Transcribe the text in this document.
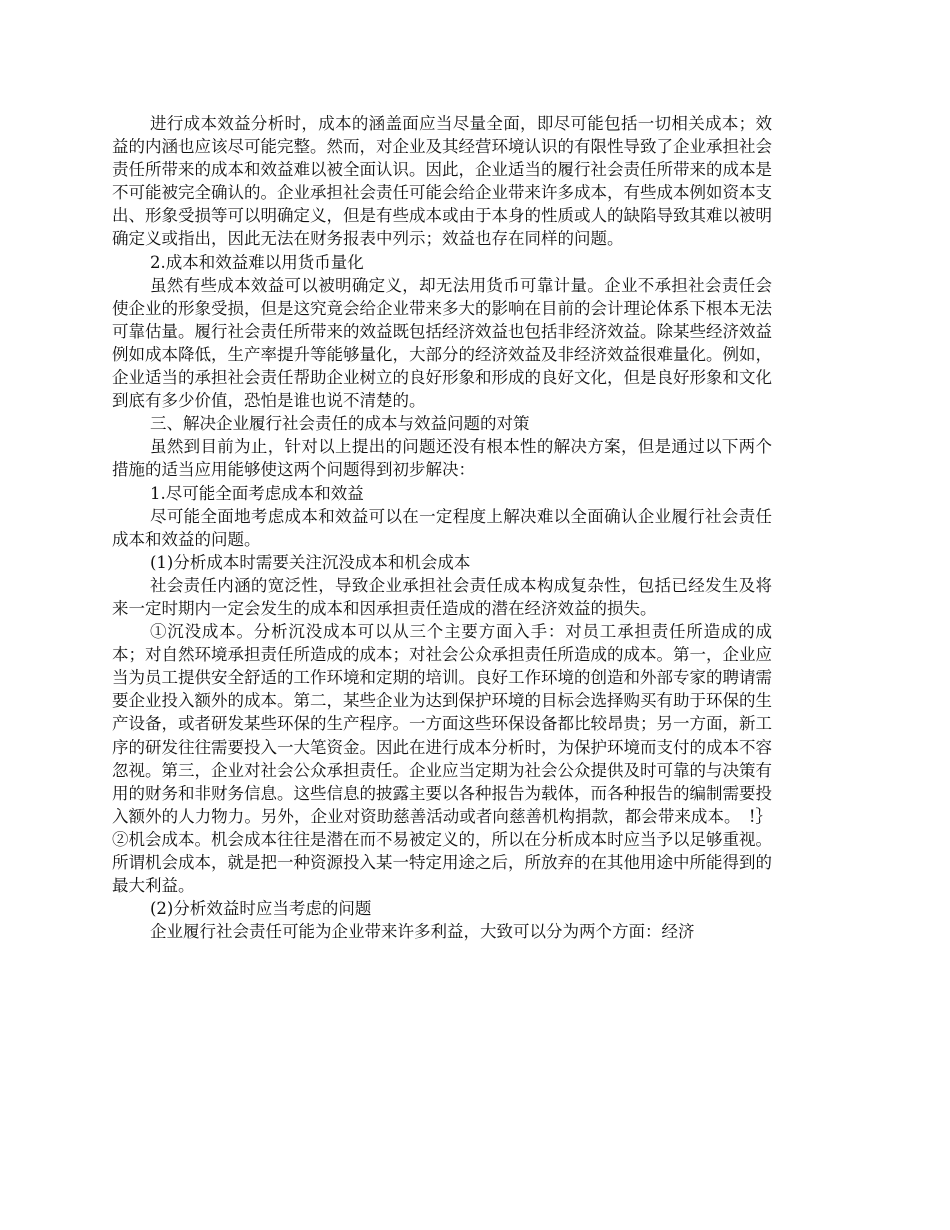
进行成本效益分析时，成本的涵盖面应当尽量全面，即尽可能包括一切相关成本；效益的内涵也应该尽可能完整。然而，对企业及其经营环境认识的有限性导致了企业承担社会责任所带来的成本和效益难以被全面认识。因此，企业适当的履行社会责任所带来的成本是不可能被完全确认的。企业承担社会责任可能会给企业带来许多成本，有些成本例如资本支出、形象受损等可以明确定义，但是有些成本或由于本身的性质或人的缺陷导致其难以被明确定义或指出，因此无法在财务报表中列示；效益也存在同样的问题。

2.成本和效益难以用货币量化

虽然有些成本效益可以被明确定义，却无法用货币可靠计量。企业不承担社会责任会使企业的形象受损，但是这究竟会给企业带来多大的影响在目前的会计理论体系下根本无法可靠估量。履行社会责任所带来的效益既包括经济效益也包括非经济效益。除某些经济效益例如成本降低，生产率提升等能够量化，大部分的经济效益及非经济效益很难量化。例如，企业适当的承担社会责任帮助企业树立的良好形象和形成的良好文化，但是良好形象和文化到底有多少价值，恐怕是谁也说不清楚的。

三、解决企业履行社会责任的成本与效益问题的对策

虽然到目前为止，针对以上提出的问题还没有根本性的解决方案，但是通过以下两个措施的适当应用能够使这两个问题得到初步解决：

1.尽可能全面考虑成本和效益

尽可能全面地考虑成本和效益可以在一定程度上解决难以全面确认企业履行社会责任成本和效益的问题。

(1)分析成本时需要关注沉没成本和机会成本

社会责任内涵的宽泛性，导致企业承担社会责任成本构成复杂性，包括已经发生及将来一定时期内一定会发生的成本和因承担责任造成的潜在经济效益的损失。

①沉没成本。分析沉没成本可以从三个主要方面入手：对员工承担责任所造成的成本；对自然环境承担责任所造成的成本；对社会公众承担责任所造成的成本。第一，企业应当为员工提供安全舒适的工作环境和定期的培训。良好工作环境的创造和外部专家的聘请需要企业投入额外的成本。第二，某些企业为达到保护环境的目标会选择购买有助于环保的生产设备，或者研发某些环保的生产程序。一方面这些环保设备都比较昂贵；另一方面，新工序的研发往往需要投入一大笔资金。因此在进行成本分析时，为保护环境而支付的成本不容忽视。第三，企业对社会公众承担责任。企业应当定期为社会公众提供及时可靠的与决策有用的财务和非财务信息。这些信息的披露主要以各种报告为载体，而各种报告的编制需要投入额外的人力物力。另外，企业对资助慈善活动或者向慈善机构捐款，都会带来成本。　!｝②机会成本。机会成本往往是潜在而不易被定义的，所以在分析成本时应当予以足够重视。所谓机会成本，就是把一种资源投入某一特定用途之后，所放弃的在其他用途中所能得到的最大利益。

(2)分析效益时应当考虑的问题

企业履行社会责任可能为企业带来许多利益，大致可以分为两个方面：经济
